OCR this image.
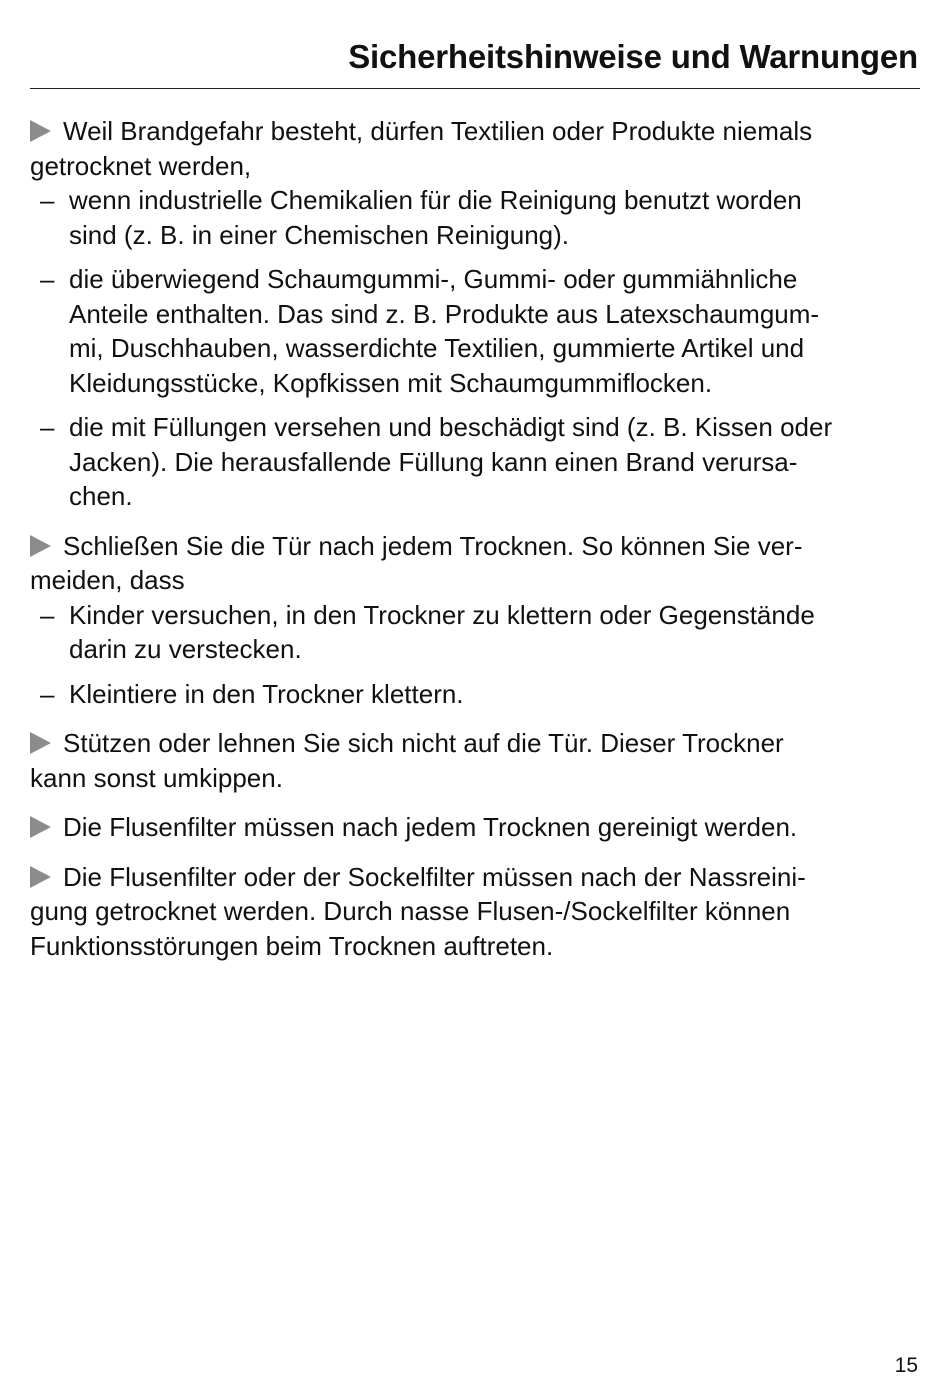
Sicherheitshinweise und Warnungen

Weil Brandgefahr besteht, dürfen Textilien oder Produkte niemals
getrocknet werden,

– wenn industrielle Chemikalien für die Reinigung benutzt worden
sind (z. B. in einer Chemischen Reinigung).
– die überwiegend Schaumgummi-, Gummi- oder gummiähnliche
Anteile enthalten. Das sind z. B. Produkte aus Latexschaumgum-
mi, Duschhauben, wasserdichte Textilien, gummierte Artikel und
Kleidungsstücke, Kopfkissen mit Schaumgummiflocken.
– die mit Füllungen versehen und beschädigt sind (z. B. Kissen oder
Jacken). Die herausfallende Füllung kann einen Brand verursa-
chen.

Schließen Sie die Tür nach jedem Trocknen. So können Sie ver-
meiden, dass

– Kinder versuchen, in den Trockner zu klettern oder Gegenstände
darin zu verstecken.
– Kleintiere in den Trockner klettern.

Stützen oder lehnen Sie sich nicht auf die Tür. Dieser Trockner
kann sonst umkippen.

Die Flusenfilter müssen nach jedem Trocknen gereinigt werden.

Die Flusenfilter oder der Sockelfilter müssen nach der Nassreini-
gung getrocknet werden. Durch nasse Flusen-/Sockelfilter können
Funktionsstörungen beim Trocknen auftreten.

15
